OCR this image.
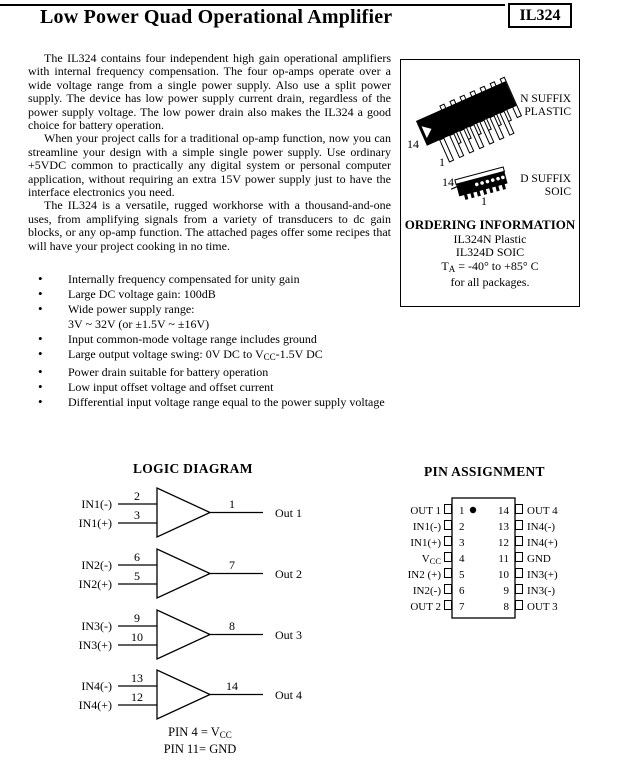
Low Power Quad Operational Amplifier	IL324

The IL324 contains four independent high gain operational amplifiers with internal frequency compensation. The four op-amps operate over a wide voltage range from a single power supply. Also use a split power supply. The device has low power supply current drain, regardless of the power supply voltage. The low power drain also makes the IL324 a good choice for battery operation.

When your project calls for a traditional op-amp function, now you can streamline your design with a simple single power supply. Use ordinary +5VDC common to practically any digital system or personal computer application, without requiring an extra 15V power supply just to have the interface electronics you need.

The IL324 is a versatile, rugged workhorse with a thousand-and-one uses, from amplifying signals from a variety of transducers to dc gain blocks, or any op-amp function. The attached pages offer some recipes that will have your project cooking in no time.

• Internally frequency compensated for unity gain
• Large DC voltage gain: 100dB
• Wide power supply range:
3V ~ 32V (or ±1.5V ~ ±16V)
• Input common-mode voltage range includes ground
• Large output voltage swing: 0V DC to $V_{CC}-1.5V$ DC
• Power drain suitable for battery operation
• Low input offset voltage and offset current
• Differential input voltage range equal to the power supply voltage
14
1
N SUFFIX
PLASTIC
14
1
D SUFFIX
SOIC
ORDERING INFORMATION
IL324N Plastic
IL324D SOIC
$T_A = -40^\circ$ to +85° C
for all packages.
LOGIC DIAGRAM
IN1(-)
2
IN1(+)
3
1
Out 1
IN2(-)
6
IN2(+)
5
7
Out 2
IN3(-)
9
IN3(+)
10
8
Out 3
IN4(-)
13
IN4(+)
12
14
Out 4
PIN $4 = V_{CC}$
PIN 11= GND
PIN ASSIGNMENT
OUT 1 1	14 OUT 4
IN1(-) 2	13 IN4(-)
IN1(+) 3	12 IN4(+)
VCC 4	11 GND
IN2 (+) 5	10 IN3(+)
IN2(-) 6	9 IN3(-)
OUT 2 7	8 OUT 3
